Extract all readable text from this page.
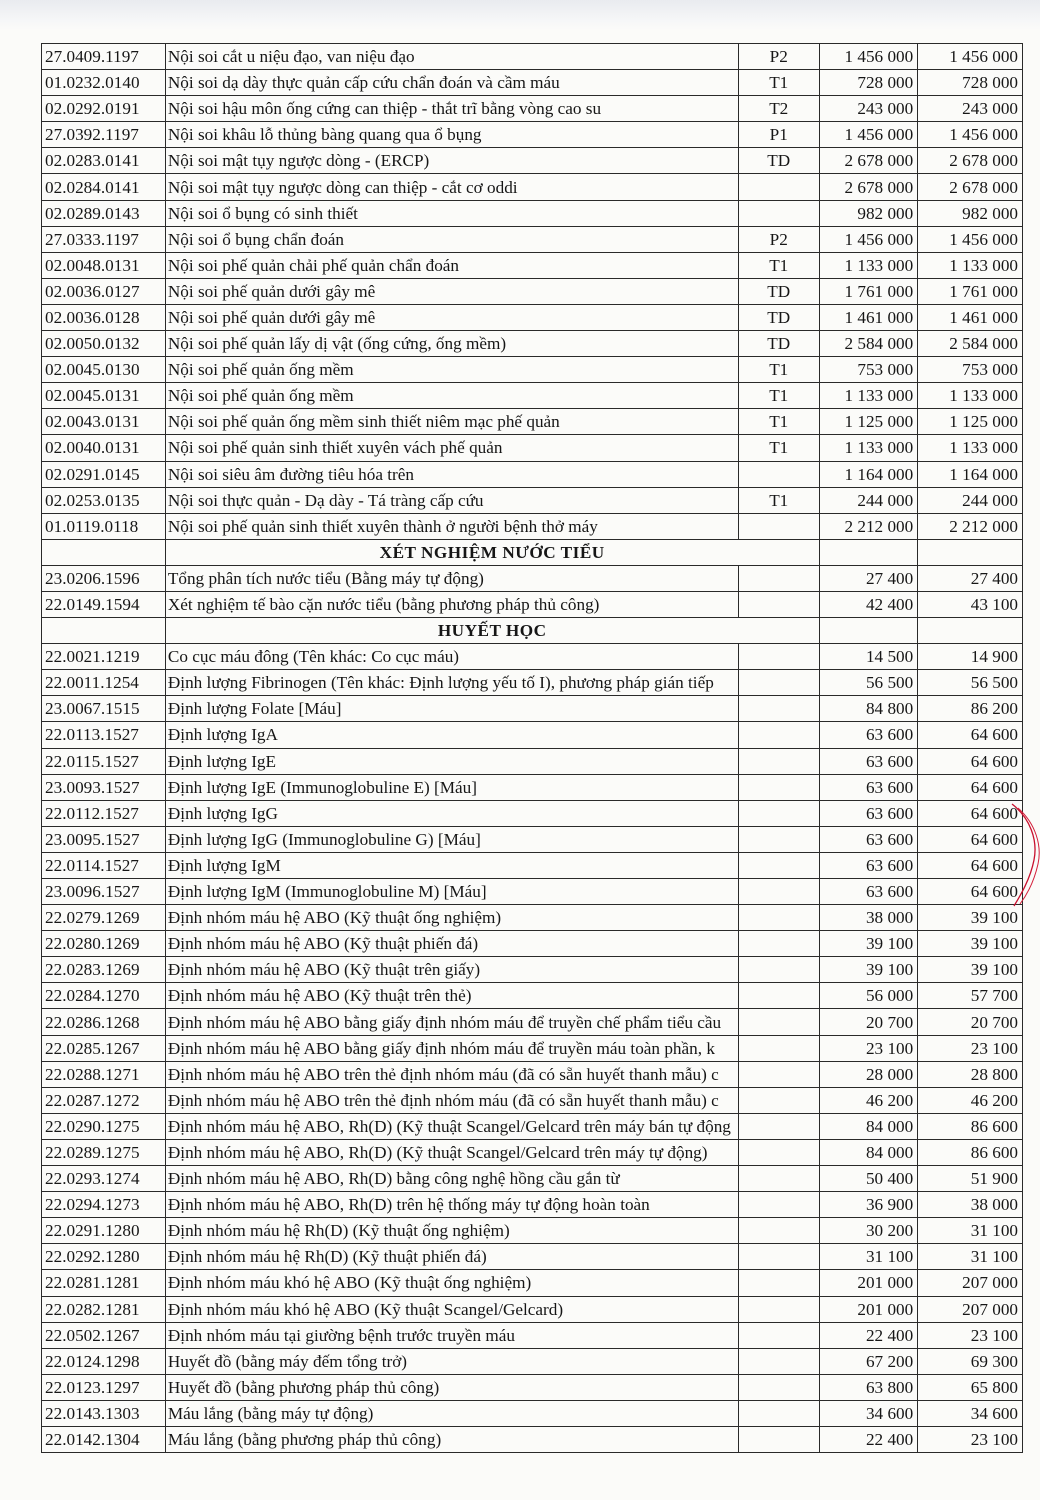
27.0409.1197	Nội soi cắt u niệu đạo, van niệu đạo	P2	1 456 000	1 456 000
01.0232.0140	Nội soi dạ dày thực quản cấp cứu chẩn đoán và cầm máu	T1	728 000	728 000
02.0292.0191	Nội soi hậu môn ống cứng can thiệp - thắt trĩ bằng vòng cao su	T2	243 000	243 000
27.0392.1197	Nội soi khâu lỗ thủng bàng quang qua ổ bụng	P1	1 456 000	1 456 000
02.0283.0141	Nội soi mật tụy ngược dòng - (ERCP)	TD	2 678 000	2 678 000
02.0284.0141	Nội soi mật tụy ngược dòng can thiệp - cắt cơ oddi		2 678 000	2 678 000
02.0289.0143	Nội soi ổ bụng có sinh thiết		982 000	982 000
27.0333.1197	Nội soi ổ bụng chẩn đoán	P2	1 456 000	1 456 000
02.0048.0131	Nội soi phế quản chải phế quản chẩn đoán	T1	1 133 000	1 133 000
02.0036.0127	Nội soi phế quản dưới gây mê	TD	1 761 000	1 761 000
02.0036.0128	Nội soi phế quản dưới gây mê	TD	1 461 000	1 461 000
02.0050.0132	Nội soi phế quản lấy dị vật (ống cứng, ống mềm)	TD	2 584 000	2 584 000
02.0045.0130	Nội soi phế quản ống mềm	T1	753 000	753 000
02.0045.0131	Nội soi phế quản ống mềm	T1	1 133 000	1 133 000
02.0043.0131	Nội soi phế quản ống mềm sinh thiết niêm mạc phế quản	T1	1 125 000	1 125 000
02.0040.0131	Nội soi phế quản sinh thiết xuyên vách phế quản	T1	1 133 000	1 133 000
02.0291.0145	Nội soi siêu âm đường tiêu hóa trên		1 164 000	1 164 000
02.0253.0135	Nội soi thực quản - Dạ dày - Tá tràng cấp cứu	T1	244 000	244 000
01.0119.0118	Nội soi phế quản sinh thiết xuyên thành ở người bệnh thở máy		2 212 000	2 212 000
	XÉT NGHIỆM NƯỚC TIỂU			
23.0206.1596	Tổng phân tích nước tiểu (Bằng máy tự động)		27 400	27 400
22.0149.1594	Xét nghiệm tế bào cặn nước tiểu (bằng phương pháp thủ công)		42 400	43 100
	HUYẾT HỌC			
22.0021.1219	Co cục máu đông (Tên khác: Co cục máu)		14 500	14 900
22.0011.1254	Định lượng Fibrinogen (Tên khác: Định lượng yếu tố I), phương pháp gián tiếp		56 500	56 500
23.0067.1515	Định lượng Folate [Máu]		84 800	86 200
22.0113.1527	Định lượng IgA		63 600	64 600
22.0115.1527	Định lượng IgE		63 600	64 600
23.0093.1527	Định lượng IgE (Immunoglobuline E) [Máu]		63 600	64 600
22.0112.1527	Định lượng IgG		63 600	64 600
23.0095.1527	Định lượng IgG (Immunoglobuline G) [Máu]		63 600	64 600
22.0114.1527	Định lượng IgM		63 600	64 600
23.0096.1527	Định lượng IgM (Immunoglobuline M) [Máu]		63 600	64 600
22.0279.1269	Định nhóm máu hệ ABO (Kỹ thuật ống nghiệm)		38 000	39 100
22.0280.1269	Định nhóm máu hệ ABO (Kỹ thuật phiến đá)		39 100	39 100
22.0283.1269	Định nhóm máu hệ ABO (Kỹ thuật trên giấy)		39 100	39 100
22.0284.1270	Định nhóm máu hệ ABO (Kỹ thuật trên thẻ)		56 000	57 700
22.0286.1268	Định nhóm máu hệ ABO bằng giấy định nhóm máu để truyền chế phẩm tiểu cầu		20 700	20 700
22.0285.1267	Định nhóm máu hệ ABO bằng giấy định nhóm máu để truyền máu toàn phần, k		23 100	23 100
22.0288.1271	Định nhóm máu hệ ABO trên thẻ định nhóm máu (đã có sẵn huyết thanh mẫu) c		28 000	28 800
22.0287.1272	Định nhóm máu hệ ABO trên thẻ định nhóm máu (đã có sẵn huyết thanh mẫu) c		46 200	46 200
22.0290.1275	Định nhóm máu hệ ABO, Rh(D) (Kỹ thuật Scangel/Gelcard trên máy bán tự động		84 000	86 600
22.0289.1275	Định nhóm máu hệ ABO, Rh(D) (Kỹ thuật Scangel/Gelcard trên máy tự động)		84 000	86 600
22.0293.1274	Định nhóm máu hệ ABO, Rh(D) bằng công nghệ hồng cầu gắn từ		50 400	51 900
22.0294.1273	Định nhóm máu hệ ABO, Rh(D) trên hệ thống máy tự động hoàn toàn		36 900	38 000
22.0291.1280	Định nhóm máu hệ Rh(D) (Kỹ thuật ống nghiệm)		30 200	31 100
22.0292.1280	Định nhóm máu hệ Rh(D) (Kỹ thuật phiến đá)		31 100	31 100
22.0281.1281	Định nhóm máu khó hệ ABO (Kỹ thuật ống nghiệm)		201 000	207 000
22.0282.1281	Định nhóm máu khó hệ ABO (Kỹ thuật Scangel/Gelcard)		201 000	207 000
22.0502.1267	Định nhóm máu tại giường bệnh trước truyền máu		22 400	23 100
22.0124.1298	Huyết đồ (bằng máy đếm tổng trở)		67 200	69 300
22.0123.1297	Huyết đồ (bằng phương pháp thủ công)		63 800	65 800
22.0143.1303	Máu lắng (bằng máy tự động)		34 600	34 600
22.0142.1304	Máu lắng (bằng phương pháp thủ công)		22 400	23 100
